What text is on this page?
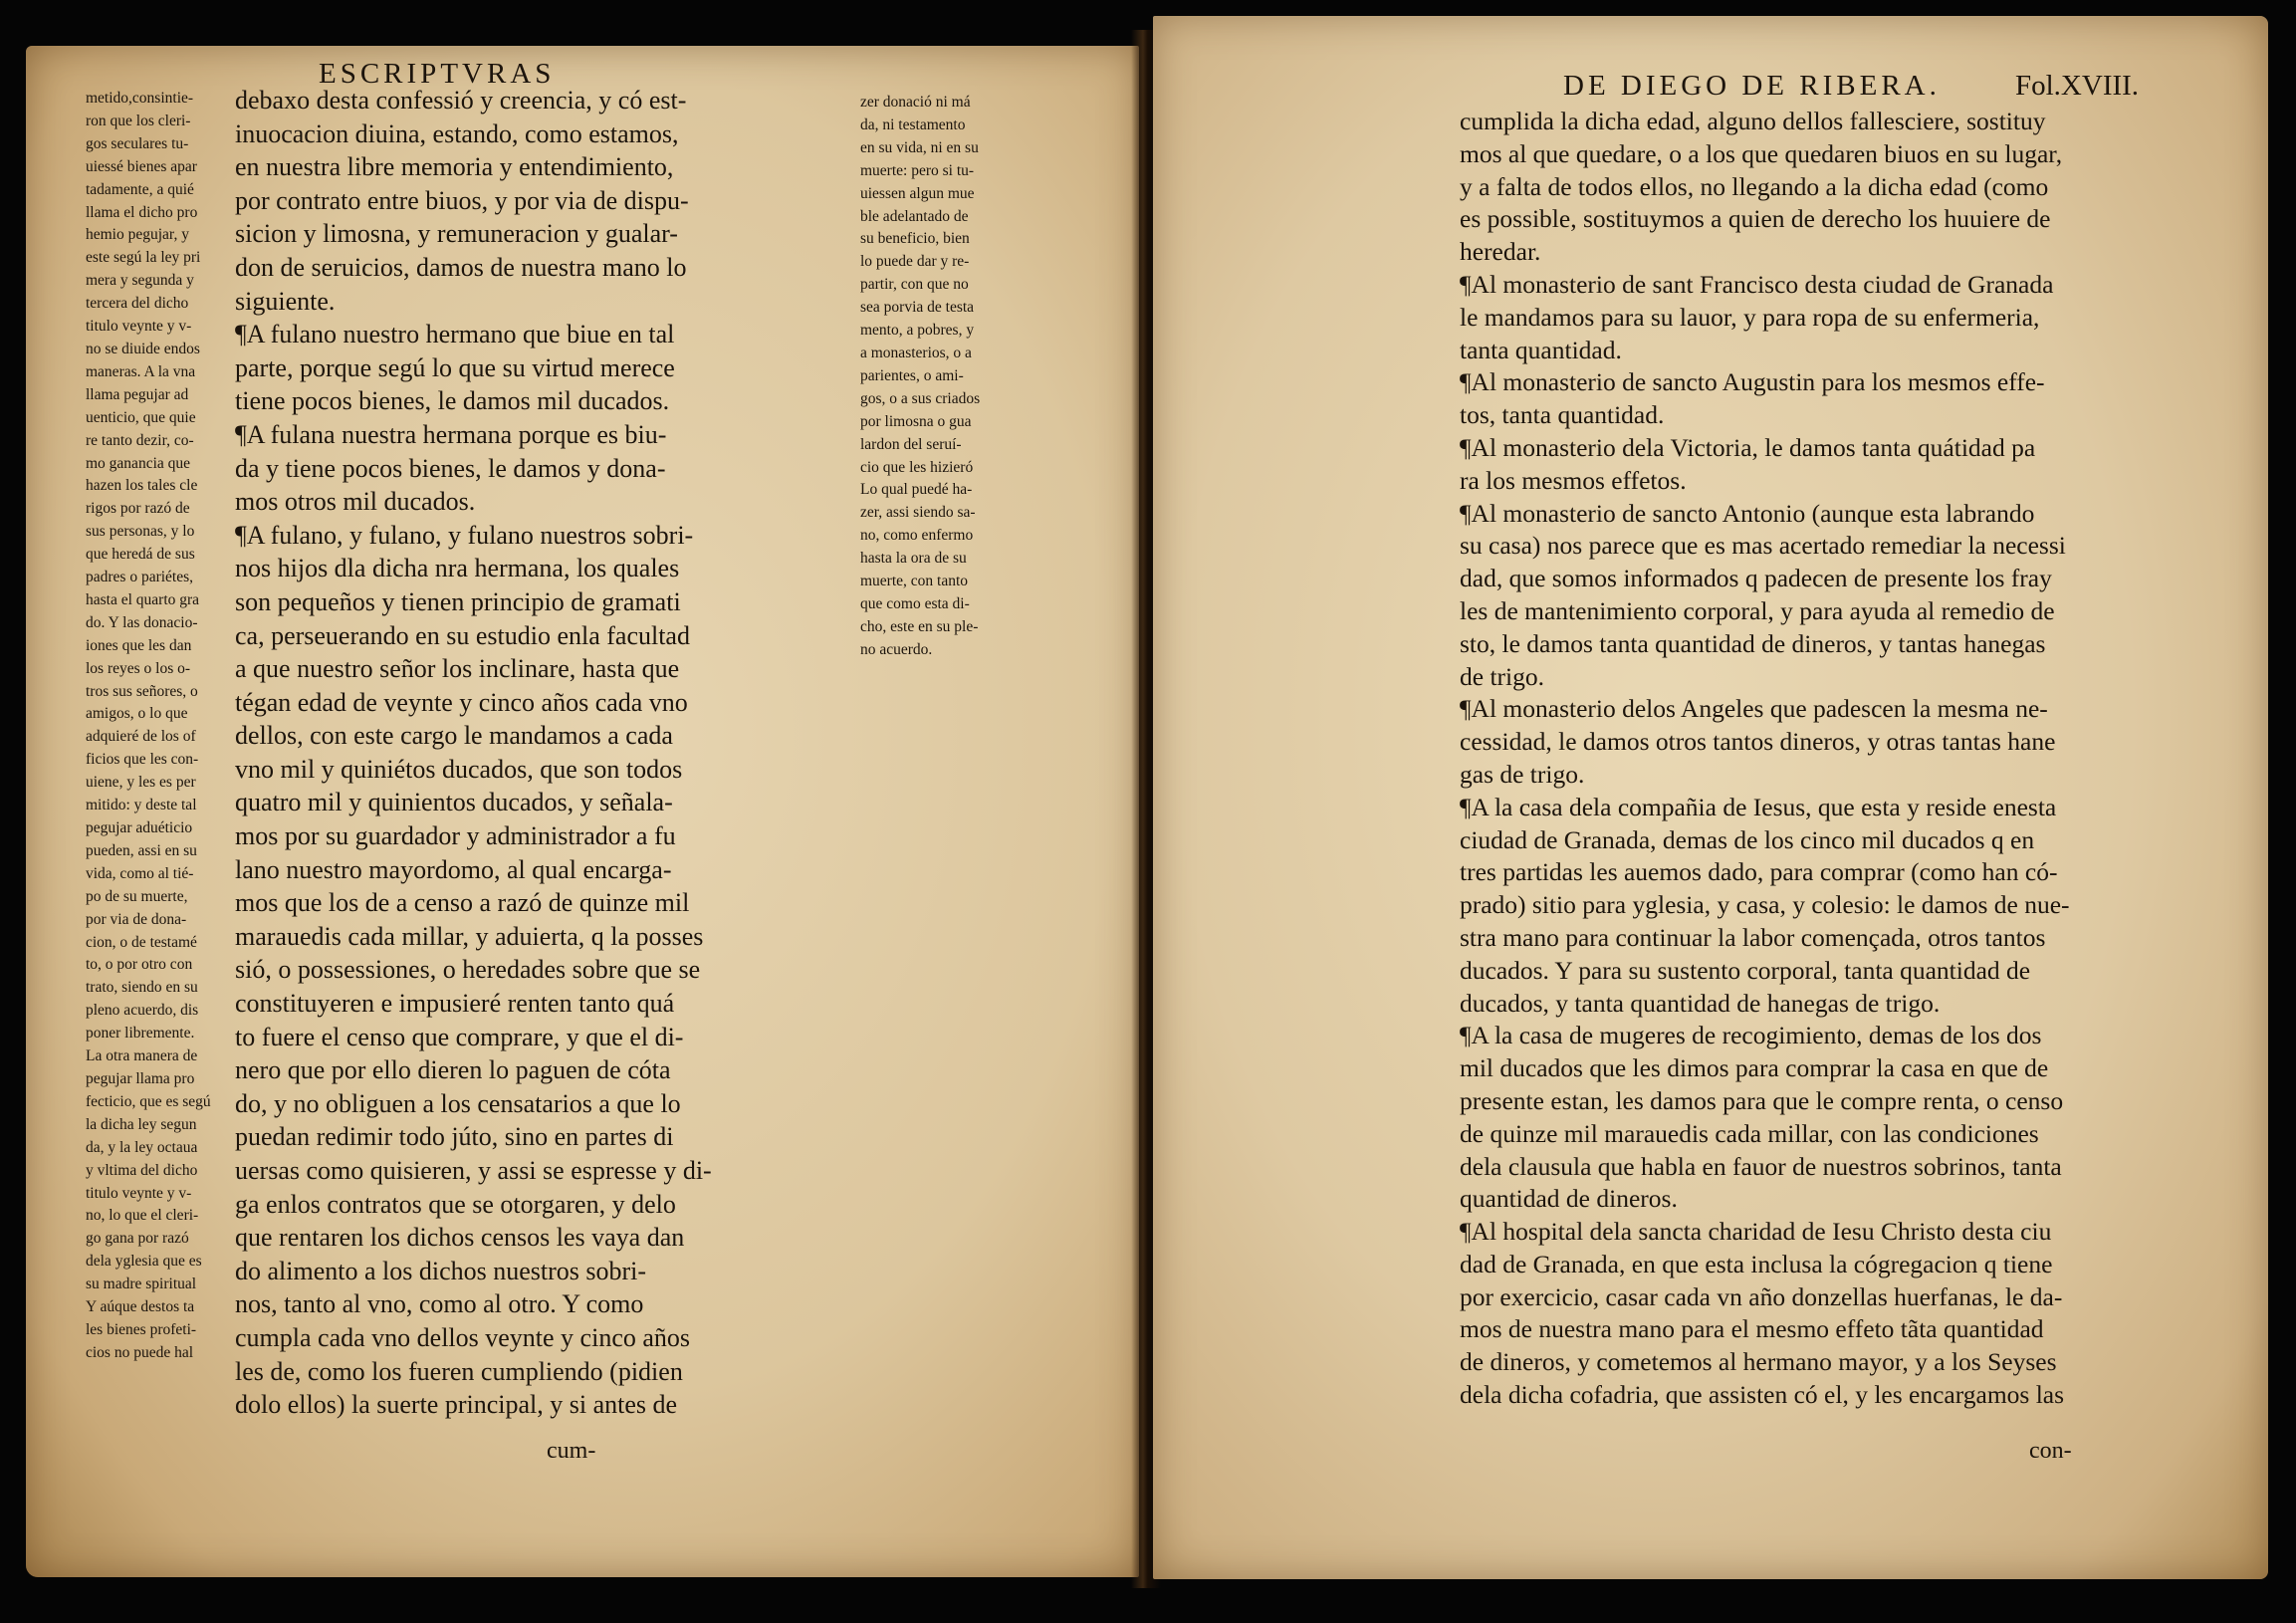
ESCRIPTVRAS
metido,consintie-
ron que los cleri-
gos seculares tu-
uiessé bienes apar
tadamente, a quié
llama el dicho pro
hemio pegujar, y
este segú la ley pri
mera y segunda y
tercera del dicho
titulo veynte y v-
no se diuide endos
maneras. A la vna
llama pegujar ad
uenticio, que quie
re tanto dezir, co-
mo ganancia que
hazen los tales cle
rigos por razó de
sus personas, y lo
que heredá de sus
padres o pariétes,
hasta el quarto gra
do. Y las donacio-
iones que les dan
los reyes o los o-
tros sus señores, o
amigos, o lo que
adquieré de los of
ficios que les con-
uiene, y les es per
mitido: y deste tal
pegujar aduéticio
pueden, assi en su
vida, como al tié-
po de su muerte,
por via de dona-
cion, o de testamé
to, o por otro con
trato, siendo en su
pleno acuerdo, dis
poner libremente.
La otra manera de
pegujar llama pro
fecticio, que es segú
la dicha ley segun
da, y la ley octaua
y vltima del dicho
titulo veynte y v-
no, lo que el cleri-
go gana por razó
dela yglesia que es
su madre spiritual
Y aúque destos ta
les bienes profeti-
cios no puede hal
debaxo desta confessió y creencia, y có est-
inuocacion diuina, estando, como estamos,
en nuestra libre memoria y entendimiento,
por contrato entre biuos, y por via de dispu-
sicion y limosna, y remuneracion y gualar-
don de seruicios, damos de nuestra mano lo
siguiente.
¶A fulano nuestro hermano que biue en tal
parte, porque segú lo que su virtud merece
tiene pocos bienes, le damos mil ducados.
¶A fulana nuestra hermana porque es biu-
da y tiene pocos bienes, le damos y dona-
mos otros mil ducados.
¶A fulano, y fulano, y fulano nuestros sobri-
nos hijos dla dicha nra hermana, los quales
son pequeños y tienen principio de gramati
ca, perseuerando en su estudio enla facultad
a que nuestro señor los inclinare, hasta que
tégan edad de veynte y cinco años cada vno
dellos, con este cargo le mandamos a cada
vno mil y quiniétos ducados, que son todos
quatro mil y quinientos ducados, y señala-
mos por su guardador y administrador a fu
lano nuestro mayordomo, al qual encarga-
mos que los de a censo a razó de quinze mil
marauedis cada millar, y aduierta, q la posses
sió, o possessiones, o heredades sobre que se
constituyeren e impusieré renten tanto quá
to fuere el censo que comprare, y que el di-
nero que por ello dieren lo paguen de cóta
do, y no obliguen a los censatarios a que lo
puedan redimir todo júto, sino en partes di
uersas como quisieren, y assi se espresse y di-
ga enlos contratos que se otorgaren, y delo
que rentaren los dichos censos les vaya dan
do alimento a los dichos nuestros sobri-
nos, tanto al vno, como al otro. Y como
cumpla cada vno dellos veynte y cinco años
les de, como los fueren cumpliendo (pidien
dolo ellos) la suerte principal, y si antes de
cum-
zer donació ni má
da, ni testamento
en su vida, ni en su
muerte: pero si tu-
uiessen algun mue
ble adelantado de
su beneficio, bien
lo puede dar y re-
partir, con que no
sea porvia de testa
mento, a pobres, y
a monasterios, o a
parientes, o ami-
gos, o a sus criados
por limosna o gua
lardon del seruí-
cio que les hizieró
Lo qual puedé ha-
zer, assi siendo sa-
no, como enfermo
hasta la ora de su
muerte, con tanto
que como esta di-
cho, este en su ple-
no acuerdo.
DE DIEGO DE RIBERA.	Fol.XVIII.
cumplida la dicha edad, alguno dellos fallesciere, sostituy
mos al que quedare, o a los que quedaren biuos en su lugar,
y a falta de todos ellos, no llegando a la dicha edad (como
es possible, sostituymos a quien de derecho los huuiere de
heredar.
¶Al monasterio de sant Francisco desta ciudad de Granada
le mandamos para su lauor, y para ropa de su enfermeria,
tanta quantidad.
¶Al monasterio de sancto Augustin para los mesmos effe-
tos, tanta quantidad.
¶Al monasterio dela Victoria, le damos tanta quátidad pa
ra los mesmos effetos.
¶Al monasterio de sancto Antonio (aunque esta labrando
su casa) nos parece que es mas acertado remediar la necessi
dad, que somos informados q padecen de presente los fray
les de mantenimiento corporal, y para ayuda al remedio de
sto, le damos tanta quantidad de dineros, y tantas hanegas
de trigo.
¶Al monasterio delos Angeles que padescen la mesma ne-
cessidad, le damos otros tantos dineros, y otras tantas hane
gas de trigo.
¶A la casa dela compañia de Iesus, que esta y reside enesta
ciudad de Granada, demas de los cinco mil ducados q en
tres partidas les auemos dado, para comprar (como han có-
prado) sitio para yglesia, y casa, y colesio: le damos de nue-
stra mano para continuar la labor començada, otros tantos
ducados. Y para su sustento corporal, tanta quantidad de
ducados, y tanta quantidad de hanegas de trigo.
¶A la casa de mugeres de recogimiento, demas de los dos
mil ducados que les dimos para comprar la casa en que de
presente estan, les damos para que le compre renta, o censo
de quinze mil marauedis cada millar, con las condiciones
dela clausula que habla en fauor de nuestros sobrinos, tanta
quantidad de dineros.
¶Al hospital dela sancta charidad de Iesu Christo desta ciu
dad de Granada, en que esta inclusa la cógregacion q tiene
por exercicio, casar cada vn año donzellas huerfanas, le da-
mos de nuestra mano para el mesmo effeto tãta quantidad
de dineros, y cometemos al hermano mayor, y a los Seyses
dela dicha cofadria, que assisten có el, y les encargamos las
con-
